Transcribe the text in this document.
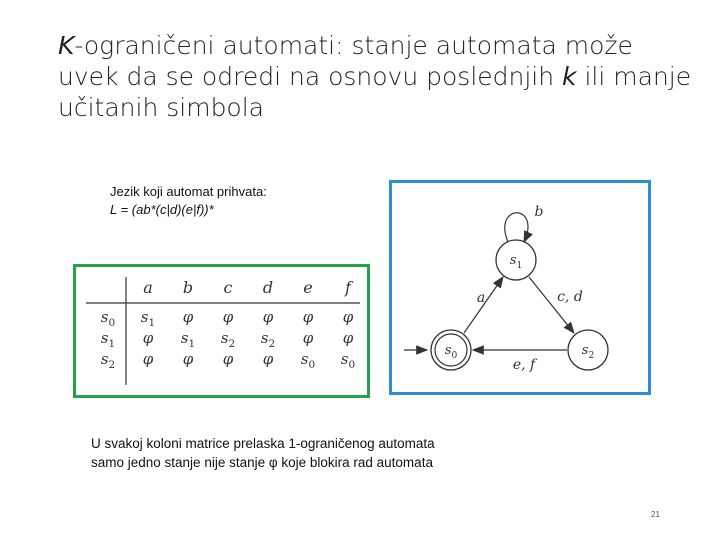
K-ograničeni automati: stanje automata može uvek da se odredi na osnovu poslednjih k ili manje učitanih simbola
Jezik koji automat prihvata:
L = (ab*(c|d)(e|f))*
a b c d e f
$s_0$ $s_1$ φ φ φ φ φ
$s_1$ φ $s_1$ $s_2$ $s_2$ φ φ
$s_2$ φ φ φ φ $s_0$ $s_0$
$s_1$
$s_0$	$s_2$
b
a	c, d
e, f
U svakoj koloni matrice prelaska 1-ograničenog automata
samo jedno stanje nije stanje φ koje blokira rad automata
21
